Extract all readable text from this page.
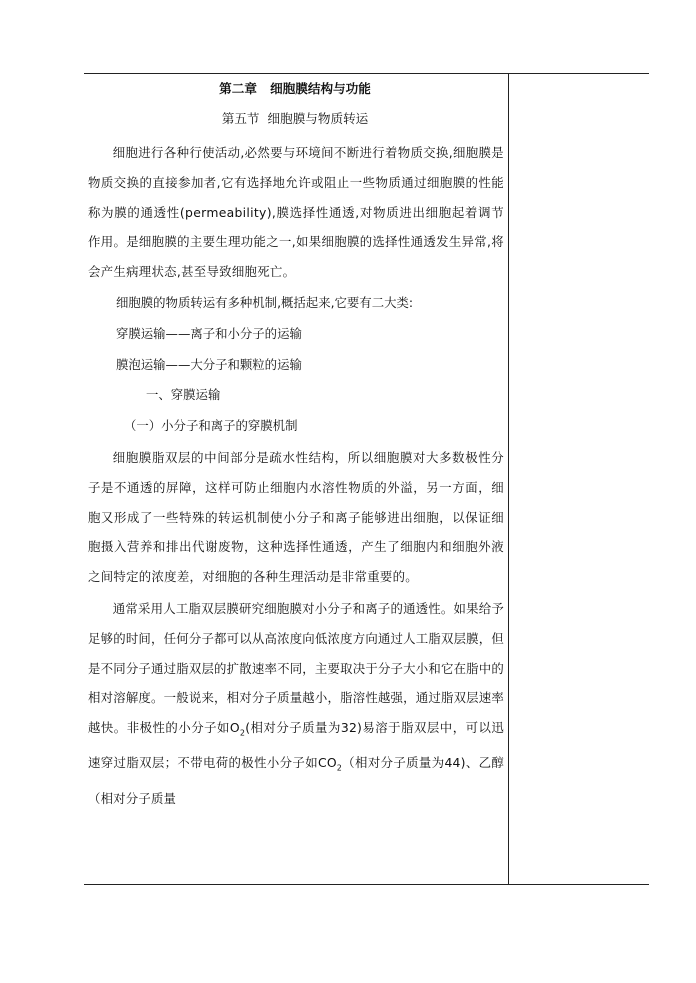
第二章   细胞膜结构与功能
第五节  细胞膜与物质转运

细胞进行各种行使活动,必然要与环境间不断进行着物质交换,细胞膜是物质交换的直接参加者,它有选择地允许或阻止一些物质通过细胞膜的性能称为膜的通透性(permeability),膜选择性通透,对物质进出细胞起着调节作用。是细胞膜的主要生理功能之一,如果细胞膜的选择性通透发生异常,将会产生病理状态,甚至导致细胞死亡。

细胞膜的物质转运有多种机制,概括起来,它要有二大类:

穿膜运输——离子和小分子的运输

膜泡运输——大分子和颗粒的运输

一、穿膜运输

（一）小分子和离子的穿膜机制

细胞膜脂双层的中间部分是疏水性结构，所以细胞膜对大多数极性分子是不通透的屏障，这样可防止细胞内水溶性物质的外溢，另一方面，细胞又形成了一些特殊的转运机制使小分子和离子能够进出细胞，以保证细胞摄入营养和排出代谢废物，这种选择性通透，产生了细胞内和细胞外液之间特定的浓度差，对细胞的各种生理活动是非常重要的。

通常采用人工脂双层膜研究细胞膜对小分子和离子的通透性。如果给予足够的时间，任何分子都可以从高浓度向低浓度方向通过人工脂双层膜，但是不同分子通过脂双层的扩散速率不同，主要取决于分子大小和它在脂中的相对溶解度。一般说来，相对分子质量越小，脂溶性越强，通过脂双层速率越快。非极性的小分子如$O_2$(相对分子质量为32)易溶于脂双层中，可以迅速穿过脂双层；不带电荷的极性小分子如$CO_2$（相对分子质量为44)、乙醇（相对分子质量
